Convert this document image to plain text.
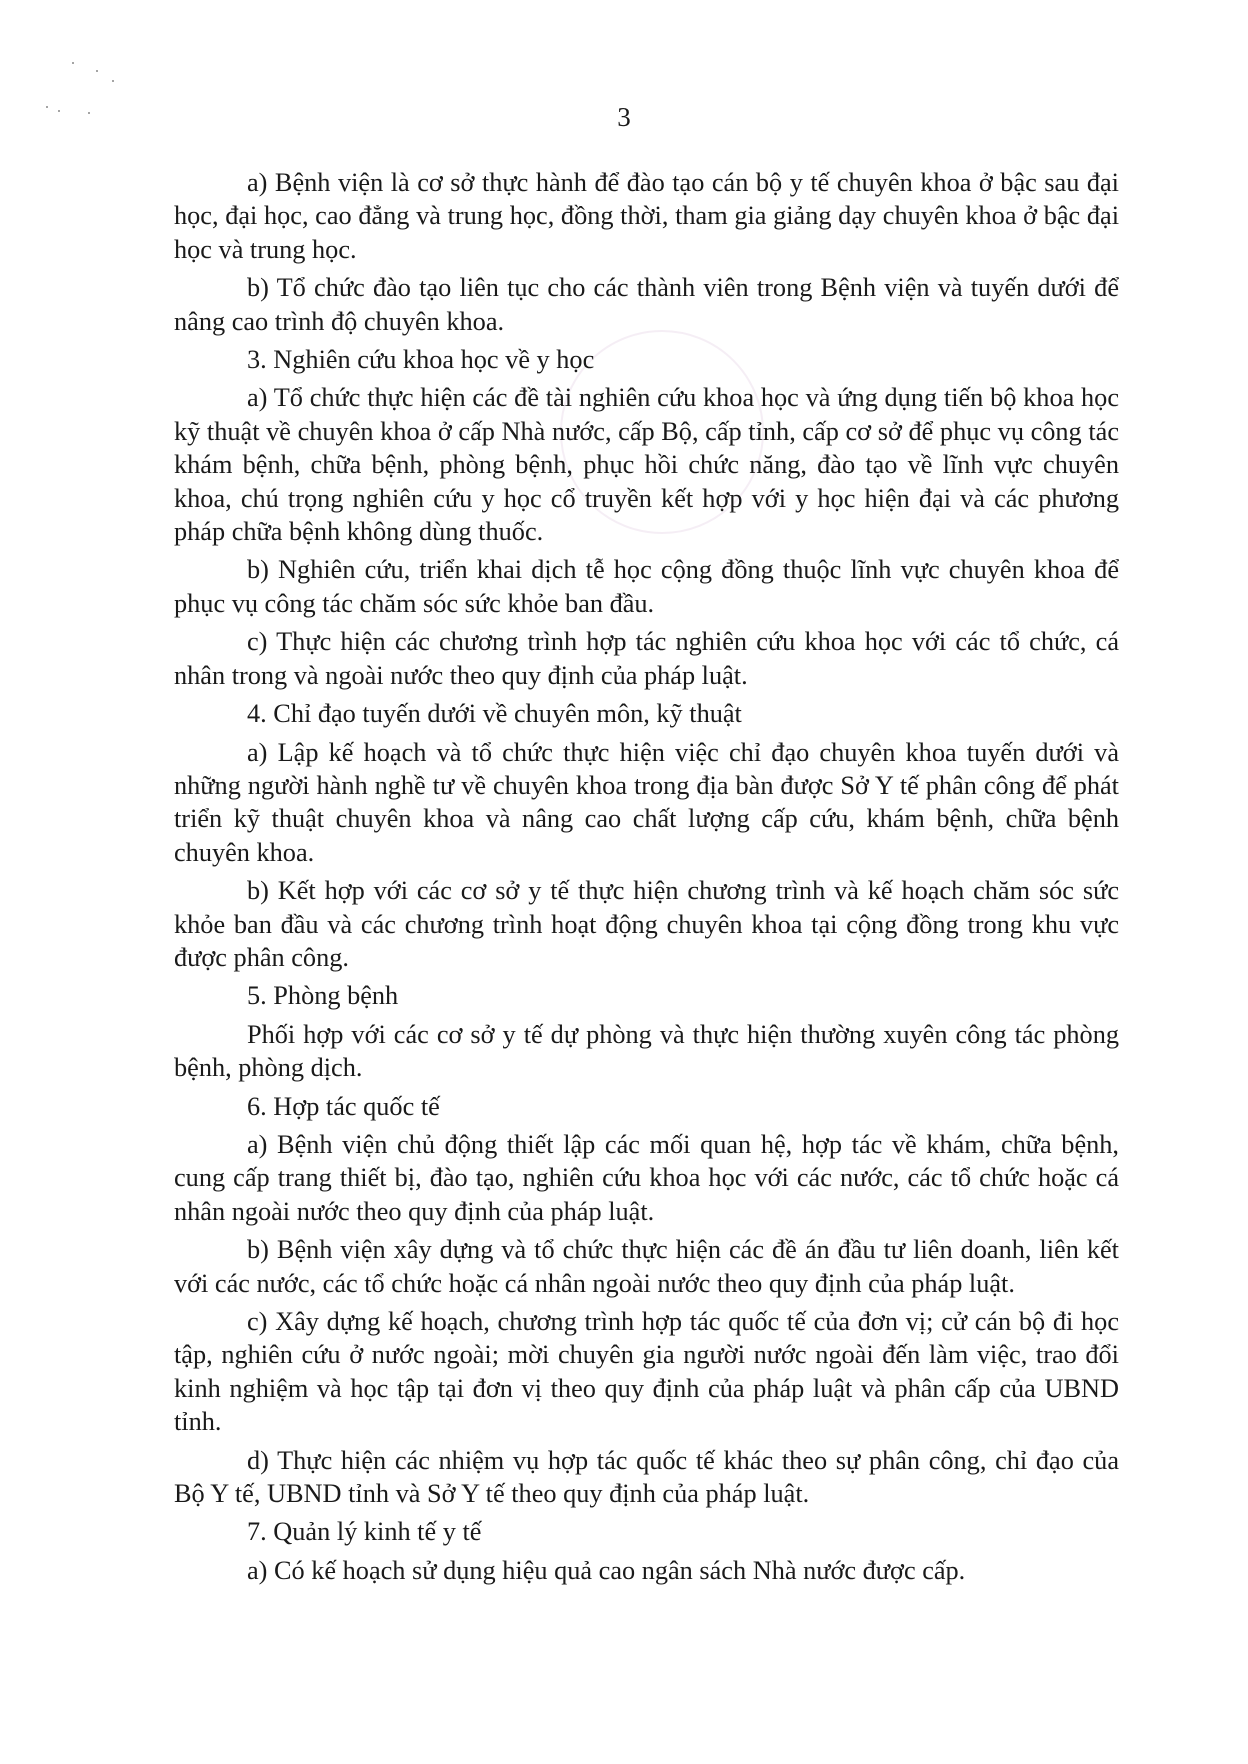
3

a) Bệnh viện là cơ sở thực hành để đào tạo cán bộ y tế chuyên khoa ở bậc sau đại học, đại học, cao đẳng và trung học, đồng thời, tham gia giảng dạy chuyên khoa ở bậc đại học và trung học.

b) Tổ chức đào tạo liên tục cho các thành viên trong Bệnh viện và tuyến dưới để nâng cao trình độ chuyên khoa.

3. Nghiên cứu khoa học về y học

a) Tổ chức thực hiện các đề tài nghiên cứu khoa học và ứng dụng tiến bộ khoa học kỹ thuật về chuyên khoa ở cấp Nhà nước, cấp Bộ, cấp tỉnh, cấp cơ sở để phục vụ công tác khám bệnh, chữa bệnh, phòng bệnh, phục hồi chức năng, đào tạo về lĩnh vực chuyên khoa, chú trọng nghiên cứu y học cổ truyền kết hợp với y học hiện đại và các phương pháp chữa bệnh không dùng thuốc.

b) Nghiên cứu, triển khai dịch tễ học cộng đồng thuộc lĩnh vực chuyên khoa để phục vụ công tác chăm sóc sức khỏe ban đầu.

c) Thực hiện các chương trình hợp tác nghiên cứu khoa học với các tổ chức, cá nhân trong và ngoài nước theo quy định của pháp luật.

4. Chỉ đạo tuyến dưới về chuyên môn, kỹ thuật

a) Lập kế hoạch và tổ chức thực hiện việc chỉ đạo chuyên khoa tuyến dưới và những người hành nghề tư về chuyên khoa trong địa bàn được Sở Y tế phân công để phát triển kỹ thuật chuyên khoa và nâng cao chất lượng cấp cứu, khám bệnh, chữa bệnh chuyên khoa.

b) Kết hợp với các cơ sở y tế thực hiện chương trình và kế hoạch chăm sóc sức khỏe ban đầu và các chương trình hoạt động chuyên khoa tại cộng đồng trong khu vực được phân công.

5. Phòng bệnh

Phối hợp với các cơ sở y tế dự phòng và thực hiện thường xuyên công tác phòng bệnh, phòng dịch.

6. Hợp tác quốc tế

a) Bệnh viện chủ động thiết lập các mối quan hệ, hợp tác về khám, chữa bệnh, cung cấp trang thiết bị, đào tạo, nghiên cứu khoa học với các nước, các tổ chức hoặc cá nhân ngoài nước theo quy định của pháp luật.

b) Bệnh viện xây dựng và tổ chức thực hiện các đề án đầu tư liên doanh, liên kết với các nước, các tổ chức hoặc cá nhân ngoài nước theo quy định của pháp luật.

c) Xây dựng kế hoạch, chương trình hợp tác quốc tế của đơn vị; cử cán bộ đi học tập, nghiên cứu ở nước ngoài; mời chuyên gia người nước ngoài đến làm việc, trao đổi kinh nghiệm và học tập tại đơn vị theo quy định của pháp luật và phân cấp của UBND tỉnh.

d) Thực hiện các nhiệm vụ hợp tác quốc tế khác theo sự phân công, chỉ đạo của Bộ Y tế, UBND tỉnh và Sở Y tế theo quy định của pháp luật.

7. Quản lý kinh tế y tế

a) Có kế hoạch sử dụng hiệu quả cao ngân sách Nhà nước được cấp.
